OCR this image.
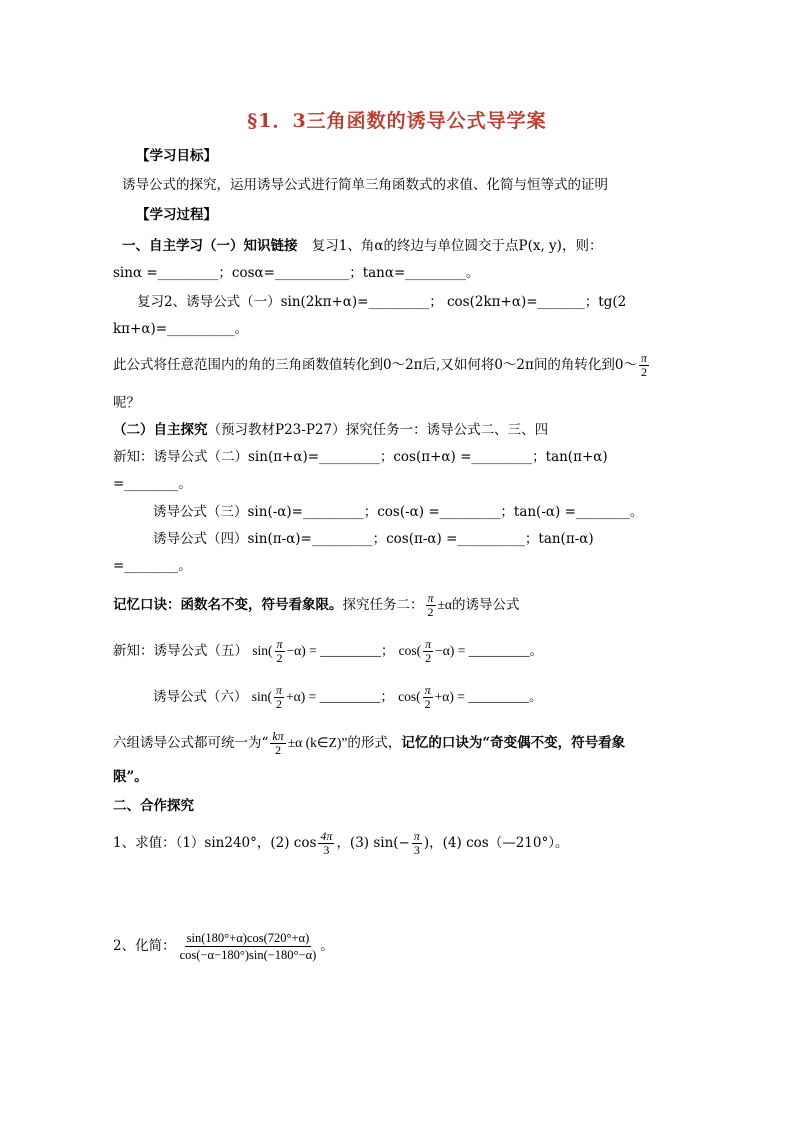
§1．3三角函数的诱导公式导学案
【学习目标】
诱导公式的探究，运用诱导公式进行简单三角函数式的求值、化简与恒等式的证明
【学习过程】
一、自主学习（一）知识链接 复习1、角α的终边与单位圆交于点P(x, y)，则：
sinα =_________；cosα=___________；tanα=_________。
复习2、诱导公式（一）sin(2kπ+α)=_________； cos(2kπ+α)=_______；tg(2
kπ+α)=__________。
此公式将任意范围内的角的三角函数值转化到0～2π后,又如何将0～2π间的角转化到0～ $\frac{\pi}{2}$
呢？
（二）自主探究（预习教材P23-P27）探究任务一：诱导公式二、三、四
新知：诱导公式（二）sin(π+α)=_________；cos(π+α) =_________；tan(π+α)
=________。
诱导公式（三）sin(-α)=_________；cos(-α) =_________；tan(-α) =________。
诱导公式（四）sin(π-α)=_________；cos(π-α) =__________；tan(π-α)
=________。
记忆口诀：函数名不变，符号看象限。探究任务二： $\frac{\pi}{2} \pm\alpha$的诱导公式
新知：诱导公式（五） $\sin( \frac{\pi}{2} -\alpha)$ = _________； $\cos( \frac{\pi}{2} -\alpha)$ = _________。
诱导公式（六） $\sin( \frac{\pi}{2} +\alpha)$ = _________； $\cos( \frac{\pi}{2} +\alpha)$ = _________。
六组诱导公式都可统一为“ $\frac{k\pi}{2} \pm\alpha$ (k∈Z)”的形式，记忆的口诀为“奇变偶不变，符号看象
限”。
二、合作探究
1、求值：（1）sin240°，(2) $\cos \frac{4\pi}{3}$ ，(3) $\sin(- \frac{\pi}{3}$ )，(4) cos（—210°）。
2、化简： $\frac{\sin(180^\circ+\alpha)\cos(720^\circ+\alpha)}{\cos(-\alpha-180^\circ)\sin(-180^\circ-\alpha)}$ 。
